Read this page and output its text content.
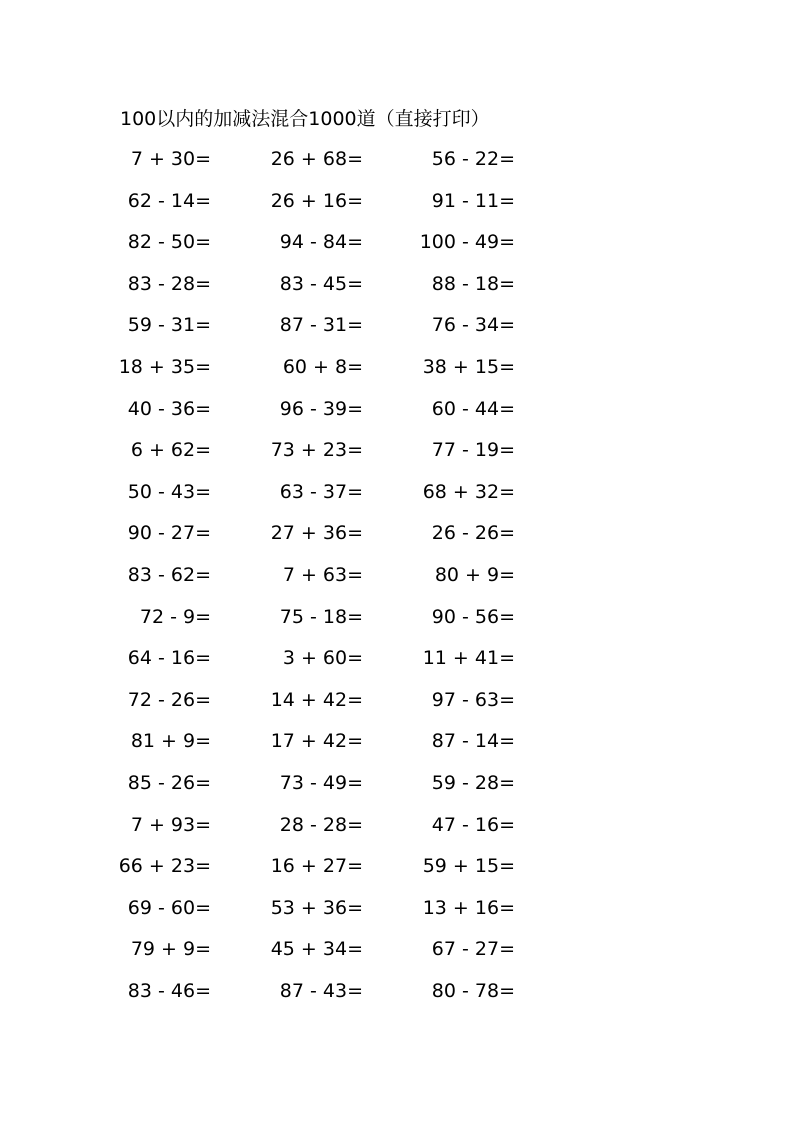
100以内的加减法混合1000道（直接打印）
7 + 30=	26 + 68=	56 - 22=
62 - 14=	26 + 16=	91 - 11=
82 - 50=	94 - 84=	100 - 49=
83 - 28=	83 - 45=	88 - 18=
59 - 31=	87 - 31=	76 - 34=
18 + 35=	60 + 8=	38 + 15=
40 - 36=	96 - 39=	60 - 44=
6 + 62=	73 + 23=	77 - 19=
50 - 43=	63 - 37=	68 + 32=
90 - 27=	27 + 36=	26 - 26=
83 - 62=	7 + 63=	80 + 9=
72 - 9=	75 - 18=	90 - 56=
64 - 16=	3 + 60=	11 + 41=
72 - 26=	14 + 42=	97 - 63=
81 + 9=	17 + 42=	87 - 14=
85 - 26=	73 - 49=	59 - 28=
7 + 93=	28 - 28=	47 - 16=
66 + 23=	16 + 27=	59 + 15=
69 - 60=	53 + 36=	13 + 16=
79 + 9=	45 + 34=	67 - 27=
83 - 46=	87 - 43=	80 - 78=
